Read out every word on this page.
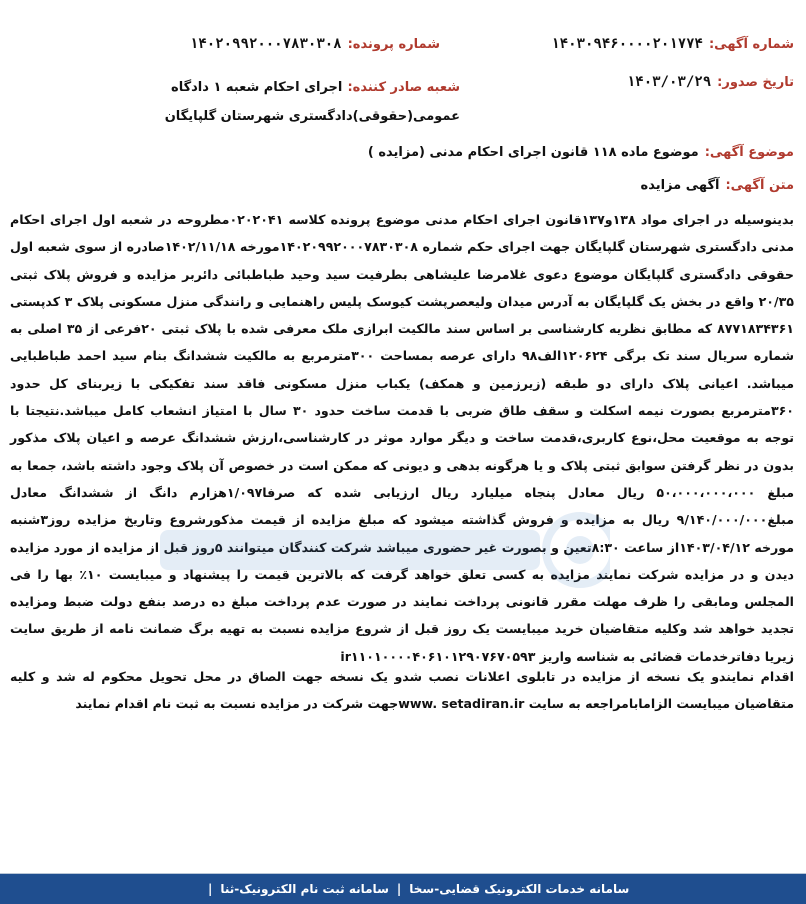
شماره آگهی:
۱۴۰۳۰۹۴۶۰۰۰۰۲۰۱۷۷۴
شماره پرونده:
۱۴۰۲۰۹۹۲۰۰۰۷۸۳۰۳۰۸
تاریخ صدور:
۱۴۰۳/۰۳/۲۹
شعبه صادر کننده: اجرای احکام شعبه ۱ دادگاه عمومی(حقوقی)دادگستری شهرستان گلپایگان
موضوع آگهی:
موضوع ماده ۱۱۸ قانون اجرای احکام مدنی (مزایده )
متن آگهی:
آگهی مزایده
بدینوسیله در اجرای مواد ۱۳۸و۱۳۷قانون اجرای احکام مدنی موضوع پرونده کلاسه ۰۲۰۲۰۴۱مطروحه در شعبه اول اجرای احکام مدنی دادگستری شهرستان گلپایگان جهت اجرای حکم شماره ۱۴۰۲۰۹۹۲۰۰۰۷۸۳۰۳۰۸مورخه ۱۴۰۲/۱۱/۱۸صادره از سوی شعبه اول حقوقی دادگستری گلپایگان موضوع دعوی غلامرضا علیشاهی بطرفیت سید وحید طباطبائی دائربر مزایده و فروش پلاک ثبتی ۲۰/۳۵ واقع در بخش یک گلپایگان به آدرس میدان ولیعصرپشت کیوسک پلیس راهنمایی و رانندگی منزل مسکونی پلاک ۳ کدپستی ۸۷۷۱۸۳۴۳۶۱ که مطابق نظریه کارشناسی بر اساس سند مالکیت ابرازی ملک معرفی شده با پلاک ثبتی ۲۰فرعی از ۳۵ اصلی به شماره سریال سند تک برگی ۱۲۰۶۲۴الف۹۸ دارای عرصه بمساحت ۳۰۰مترمربع به مالکیت ششدانگ بنام سید احمد طباطبایی میباشد. اعیانی پلاک دارای دو طبقه (زیرزمین و همکف) یکباب منزل مسکونی فاقد سند تفکیکی با زیربنای کل حدود ۳۶۰مترمربع بصورت نیمه اسکلت و سقف طاق ضربی با قدمت ساخت حدود ۳۰ سال با امتیاز انشعاب کامل میباشد.نتیجتا با توجه به موقعیت محل،نوع کاربری،قدمت ساخت و دیگر موارد موثر در کارشناسی،ارزش ششدانگ عرصه و اعیان پلاک مذکور بدون در نظر گرفتن سوابق ثبتی پلاک و یا هرگونه بدهی و دیونی که ممکن است در خصوص آن پلاک وجود داشته باشد، جمعا به مبلغ ۵۰،۰۰۰،۰۰۰،۰۰۰ ریال معادل پنجاه میلیارد ریال ارزیابی شده که صرفا۱/۰۹۷هزارم دانگ از ششدانگ معادل مبلغ۹/۱۴۰/۰۰۰/۰۰۰ ریال به مزایده و فروش گذاشته میشود که مبلغ مزایده از قیمت مذکورشروع وتاریخ مزایده روز۳شنبه مورخه ۱۴۰۳/۰۴/۱۲از ساعت ۸:۳۰تعین و بصورت غیر حضوری میباشد شرکت کنندگان میتوانند ۵روز قبل از مزایده از مورد مزایده دیدن و در مزایده شرکت نمایند مزایده به کسی تعلق خواهد گرفت که بالاترین قیمت را پیشنهاد و میبایست ۱۰٪ بها را فی المجلس ومابقی را ظرف مهلت مقرر قانونی پرداخت نمایند در صورت عدم پرداخت مبلغ ده درصد بنفع دولت ضبط ومزایده تجدید خواهد شد وکلیه متقاضیان خرید میبایست یک روز قبل از شروع مزایده نسبت به تهیه برگ ضمانت نامه از طریق سایت زیریا دفاترخدمات قضائی به شناسه واریز ir۱۱۰۱۰۰۰۰۴۰۶۱۰۱۲۹۰۷۶۷۰۵۹۳
اقدام نمایندو یک نسخه از مزایده در تابلوی اعلانات نصب شدو یک نسخه جهت الصاق در محل تحویل محکوم له شد و کلیه متقاضیان میبایست الزامابامراجعه به سایت www. setadiran.irجهت شرکت در مزایده نسبت به ثبت نام اقدام نمایند
سامانه خدمات الکترونیک قضایی-سخا
|
سامانه ثبت نام الکترونیک-ثنا
|
